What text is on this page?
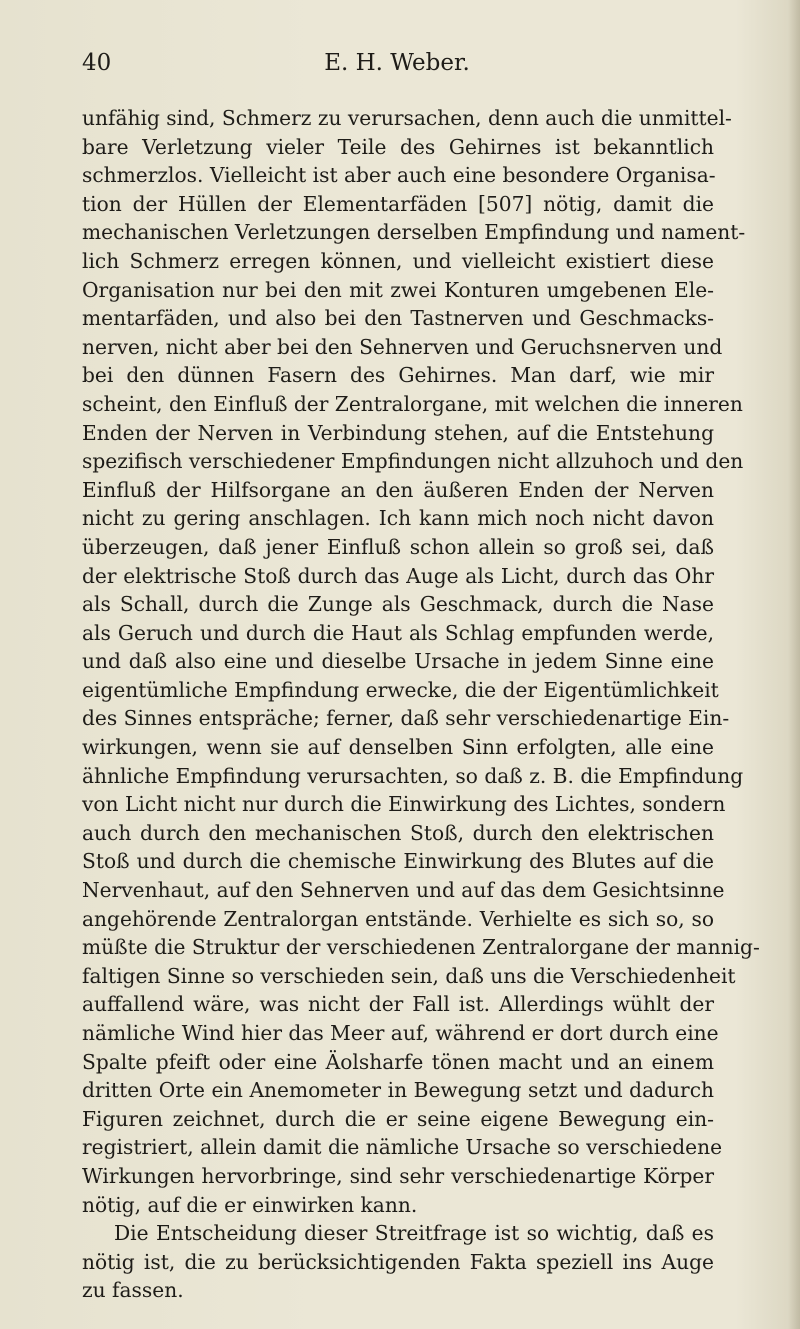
40	E. H. Weber.
unfähig sind, Schmerz zu verursachen, denn auch die unmittel-
bare Verletzung vieler Teile des Gehirnes ist bekanntlich
schmerzlos. Vielleicht ist aber auch eine besondere Organisa-
tion der Hüllen der Elementarfäden [507] nötig, damit die
mechanischen Verletzungen derselben Empfindung und nament-
lich Schmerz erregen können, und vielleicht existiert diese
Organisation nur bei den mit zwei Konturen umgebenen Ele-
mentarfäden, und also bei den Tastnerven und Geschmacks-
nerven, nicht aber bei den Sehnerven und Geruchsnerven und
bei den dünnen Fasern des Gehirnes. Man darf, wie mir
scheint, den Einfluß der Zentralorgane, mit welchen die inneren
Enden der Nerven in Verbindung stehen, auf die Entstehung
spezifisch verschiedener Empfindungen nicht allzuhoch und den
Einfluß der Hilfsorgane an den äußeren Enden der Nerven
nicht zu gering anschlagen. Ich kann mich noch nicht davon
überzeugen, daß jener Einfluß schon allein so groß sei, daß
der elektrische Stoß durch das Auge als Licht, durch das Ohr
als Schall, durch die Zunge als Geschmack, durch die Nase
als Geruch und durch die Haut als Schlag empfunden werde,
und daß also eine und dieselbe Ursache in jedem Sinne eine
eigentümliche Empfindung erwecke, die der Eigentümlichkeit
des Sinnes entspräche; ferner, daß sehr verschiedenartige Ein-
wirkungen, wenn sie auf denselben Sinn erfolgten, alle eine
ähnliche Empfindung verursachten, so daß z. B. die Empfindung
von Licht nicht nur durch die Einwirkung des Lichtes, sondern
auch durch den mechanischen Stoß, durch den elektrischen
Stoß und durch die chemische Einwirkung des Blutes auf die
Nervenhaut, auf den Sehnerven und auf das dem Gesichtsinne
angehörende Zentralorgan entstände. Verhielte es sich so, so
müßte die Struktur der verschiedenen Zentralorgane der mannig-
faltigen Sinne so verschieden sein, daß uns die Verschiedenheit
auffallend wäre, was nicht der Fall ist. Allerdings wühlt der
nämliche Wind hier das Meer auf, während er dort durch eine
Spalte pfeift oder eine Äolsharfe tönen macht und an einem
dritten Orte ein Anemometer in Bewegung setzt und dadurch
Figuren zeichnet, durch die er seine eigene Bewegung ein-
registriert, allein damit die nämliche Ursache so verschiedene
Wirkungen hervorbringe, sind sehr verschiedenartige Körper
nötig, auf die er einwirken kann.
Die Entscheidung dieser Streitfrage ist so wichtig, daß es
nötig ist, die zu berücksichtigenden Fakta speziell ins Auge
zu fassen.
